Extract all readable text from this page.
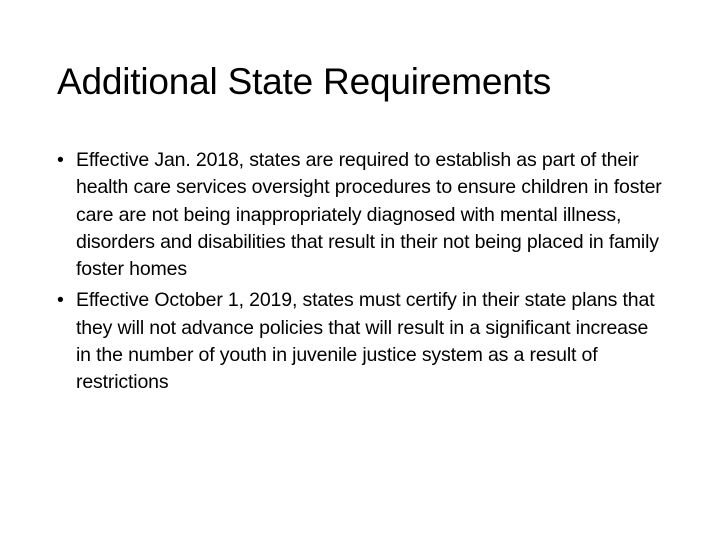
Additional State Requirements
• Effective Jan. 2018, states are required to establish as part of their health care services oversight procedures to ensure children in foster care are not being inappropriately diagnosed with mental illness, disorders and disabilities that result in their not being placed in family foster homes
• Effective October 1, 2019, states must certify in their state plans that they will not advance policies that will result in a significant increase in the number of youth in juvenile justice system as a result of restrictions
